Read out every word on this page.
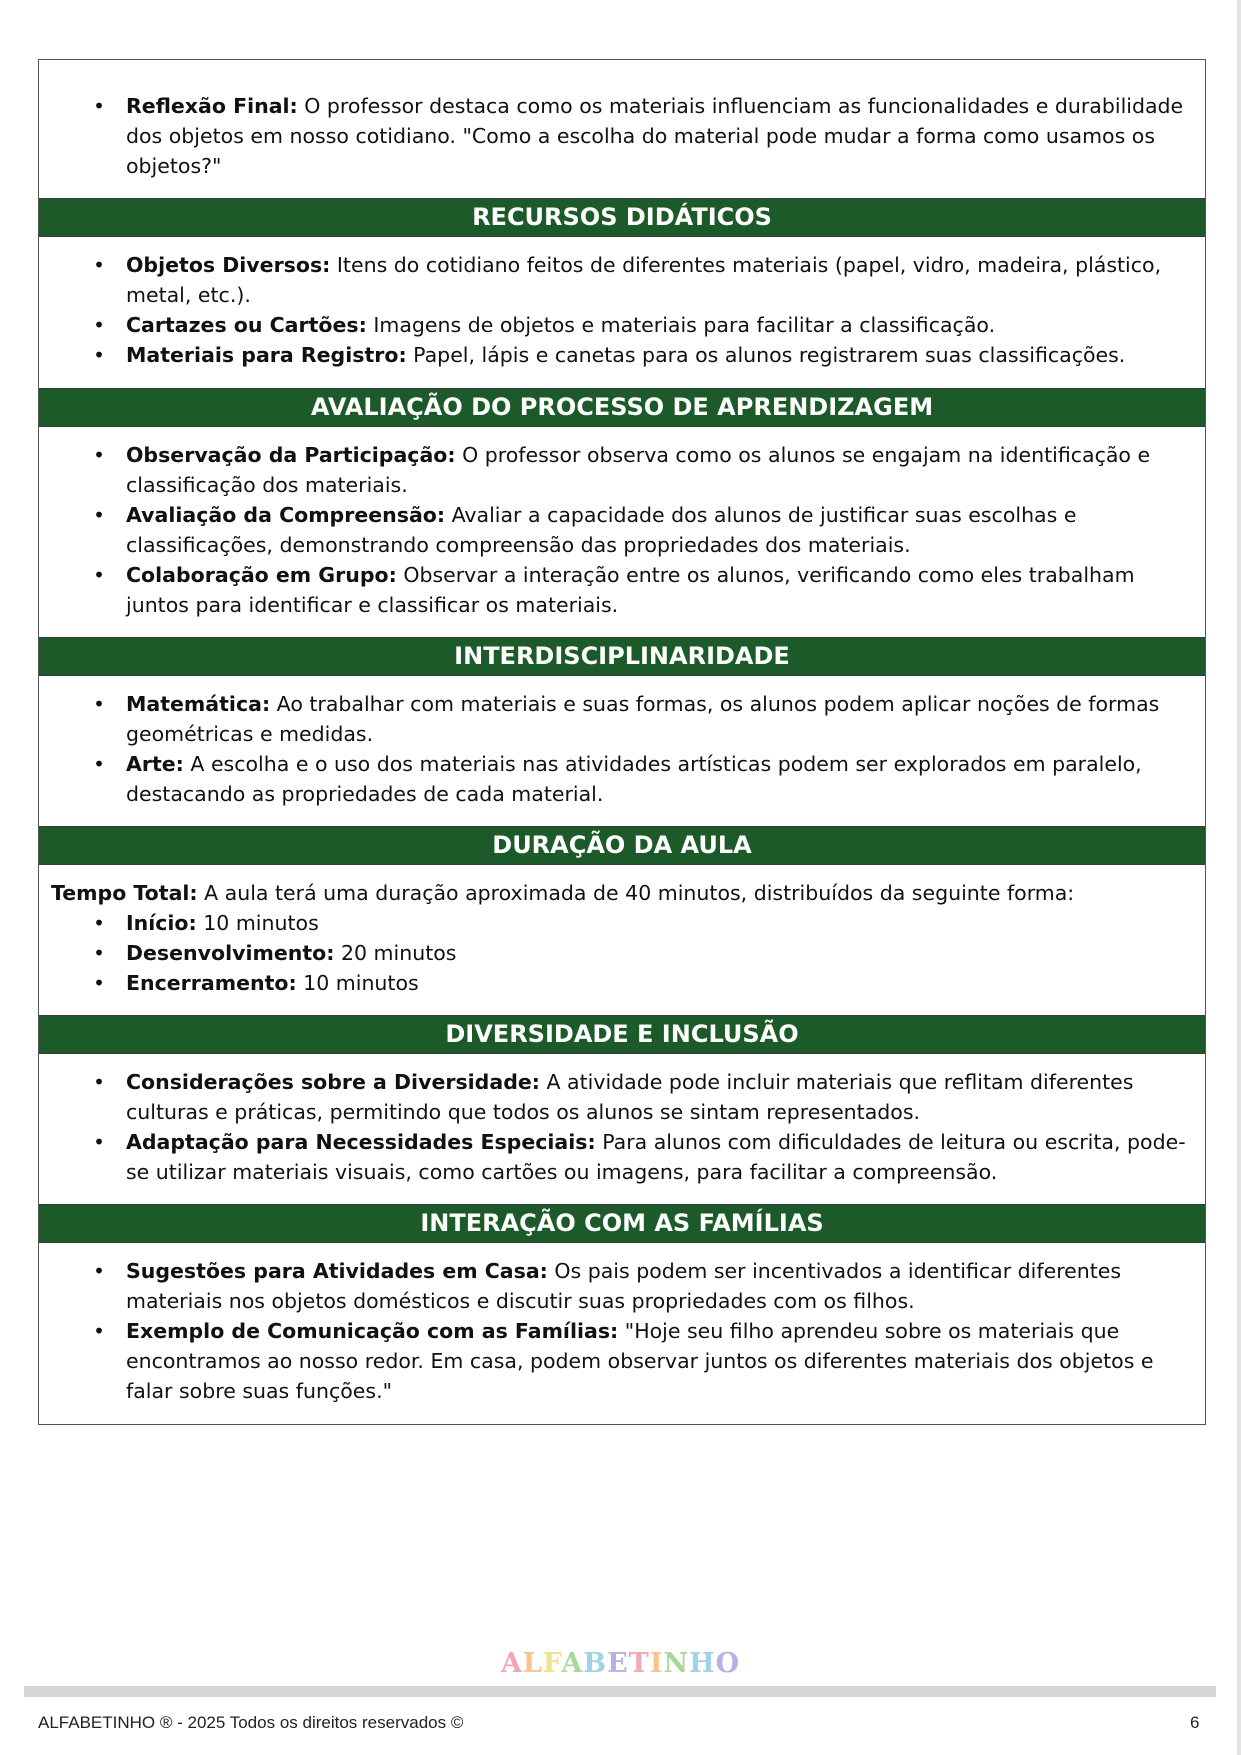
• Reflexão Final: O professor destaca como os materiais influenciam as funcionalidades e durabilidade dos objetos em nosso cotidiano. "Como a escolha do material pode mudar a forma como usamos os objetos?"
RECURSOS DIDÁTICOS
• Objetos Diversos: Itens do cotidiano feitos de diferentes materiais (papel, vidro, madeira, plástico, metal, etc.).
• Cartazes ou Cartões: Imagens de objetos e materiais para facilitar a classificação.
• Materiais para Registro: Papel, lápis e canetas para os alunos registrarem suas classificações.
AVALIAÇÃO DO PROCESSO DE APRENDIZAGEM
• Observação da Participação: O professor observa como os alunos se engajam na identificação e classificação dos materiais.
• Avaliação da Compreensão: Avaliar a capacidade dos alunos de justificar suas escolhas e classificações, demonstrando compreensão das propriedades dos materiais.
• Colaboração em Grupo: Observar a interação entre os alunos, verificando como eles trabalham juntos para identificar e classificar os materiais.
INTERDISCIPLINARIDADE
• Matemática: Ao trabalhar com materiais e suas formas, os alunos podem aplicar noções de formas geométricas e medidas.
• Arte: A escolha e o uso dos materiais nas atividades artísticas podem ser explorados em paralelo, destacando as propriedades de cada material.
DURAÇÃO DA AULA
Tempo Total: A aula terá uma duração aproximada de 40 minutos, distribuídos da seguinte forma:
• Início: 10 minutos
• Desenvolvimento: 20 minutos
• Encerramento: 10 minutos
DIVERSIDADE E INCLUSÃO
• Considerações sobre a Diversidade: A atividade pode incluir materiais que reflitam diferentes culturas e práticas, permitindo que todos os alunos se sintam representados.
• Adaptação para Necessidades Especiais: Para alunos com dificuldades de leitura ou escrita, pode-se utilizar materiais visuais, como cartões ou imagens, para facilitar a compreensão.
INTERAÇÃO COM AS FAMÍLIAS
• Sugestões para Atividades em Casa: Os pais podem ser incentivados a identificar diferentes materiais nos objetos domésticos e discutir suas propriedades com os filhos.
• Exemplo de Comunicação com as Famílias: "Hoje seu filho aprendeu sobre os materiais que encontramos ao nosso redor. Em casa, podem observar juntos os diferentes materiais dos objetos e falar sobre suas funções."
ALFABETINHO
ALFABETINHO ® - 2025 Todos os direitos reservados ©	6
